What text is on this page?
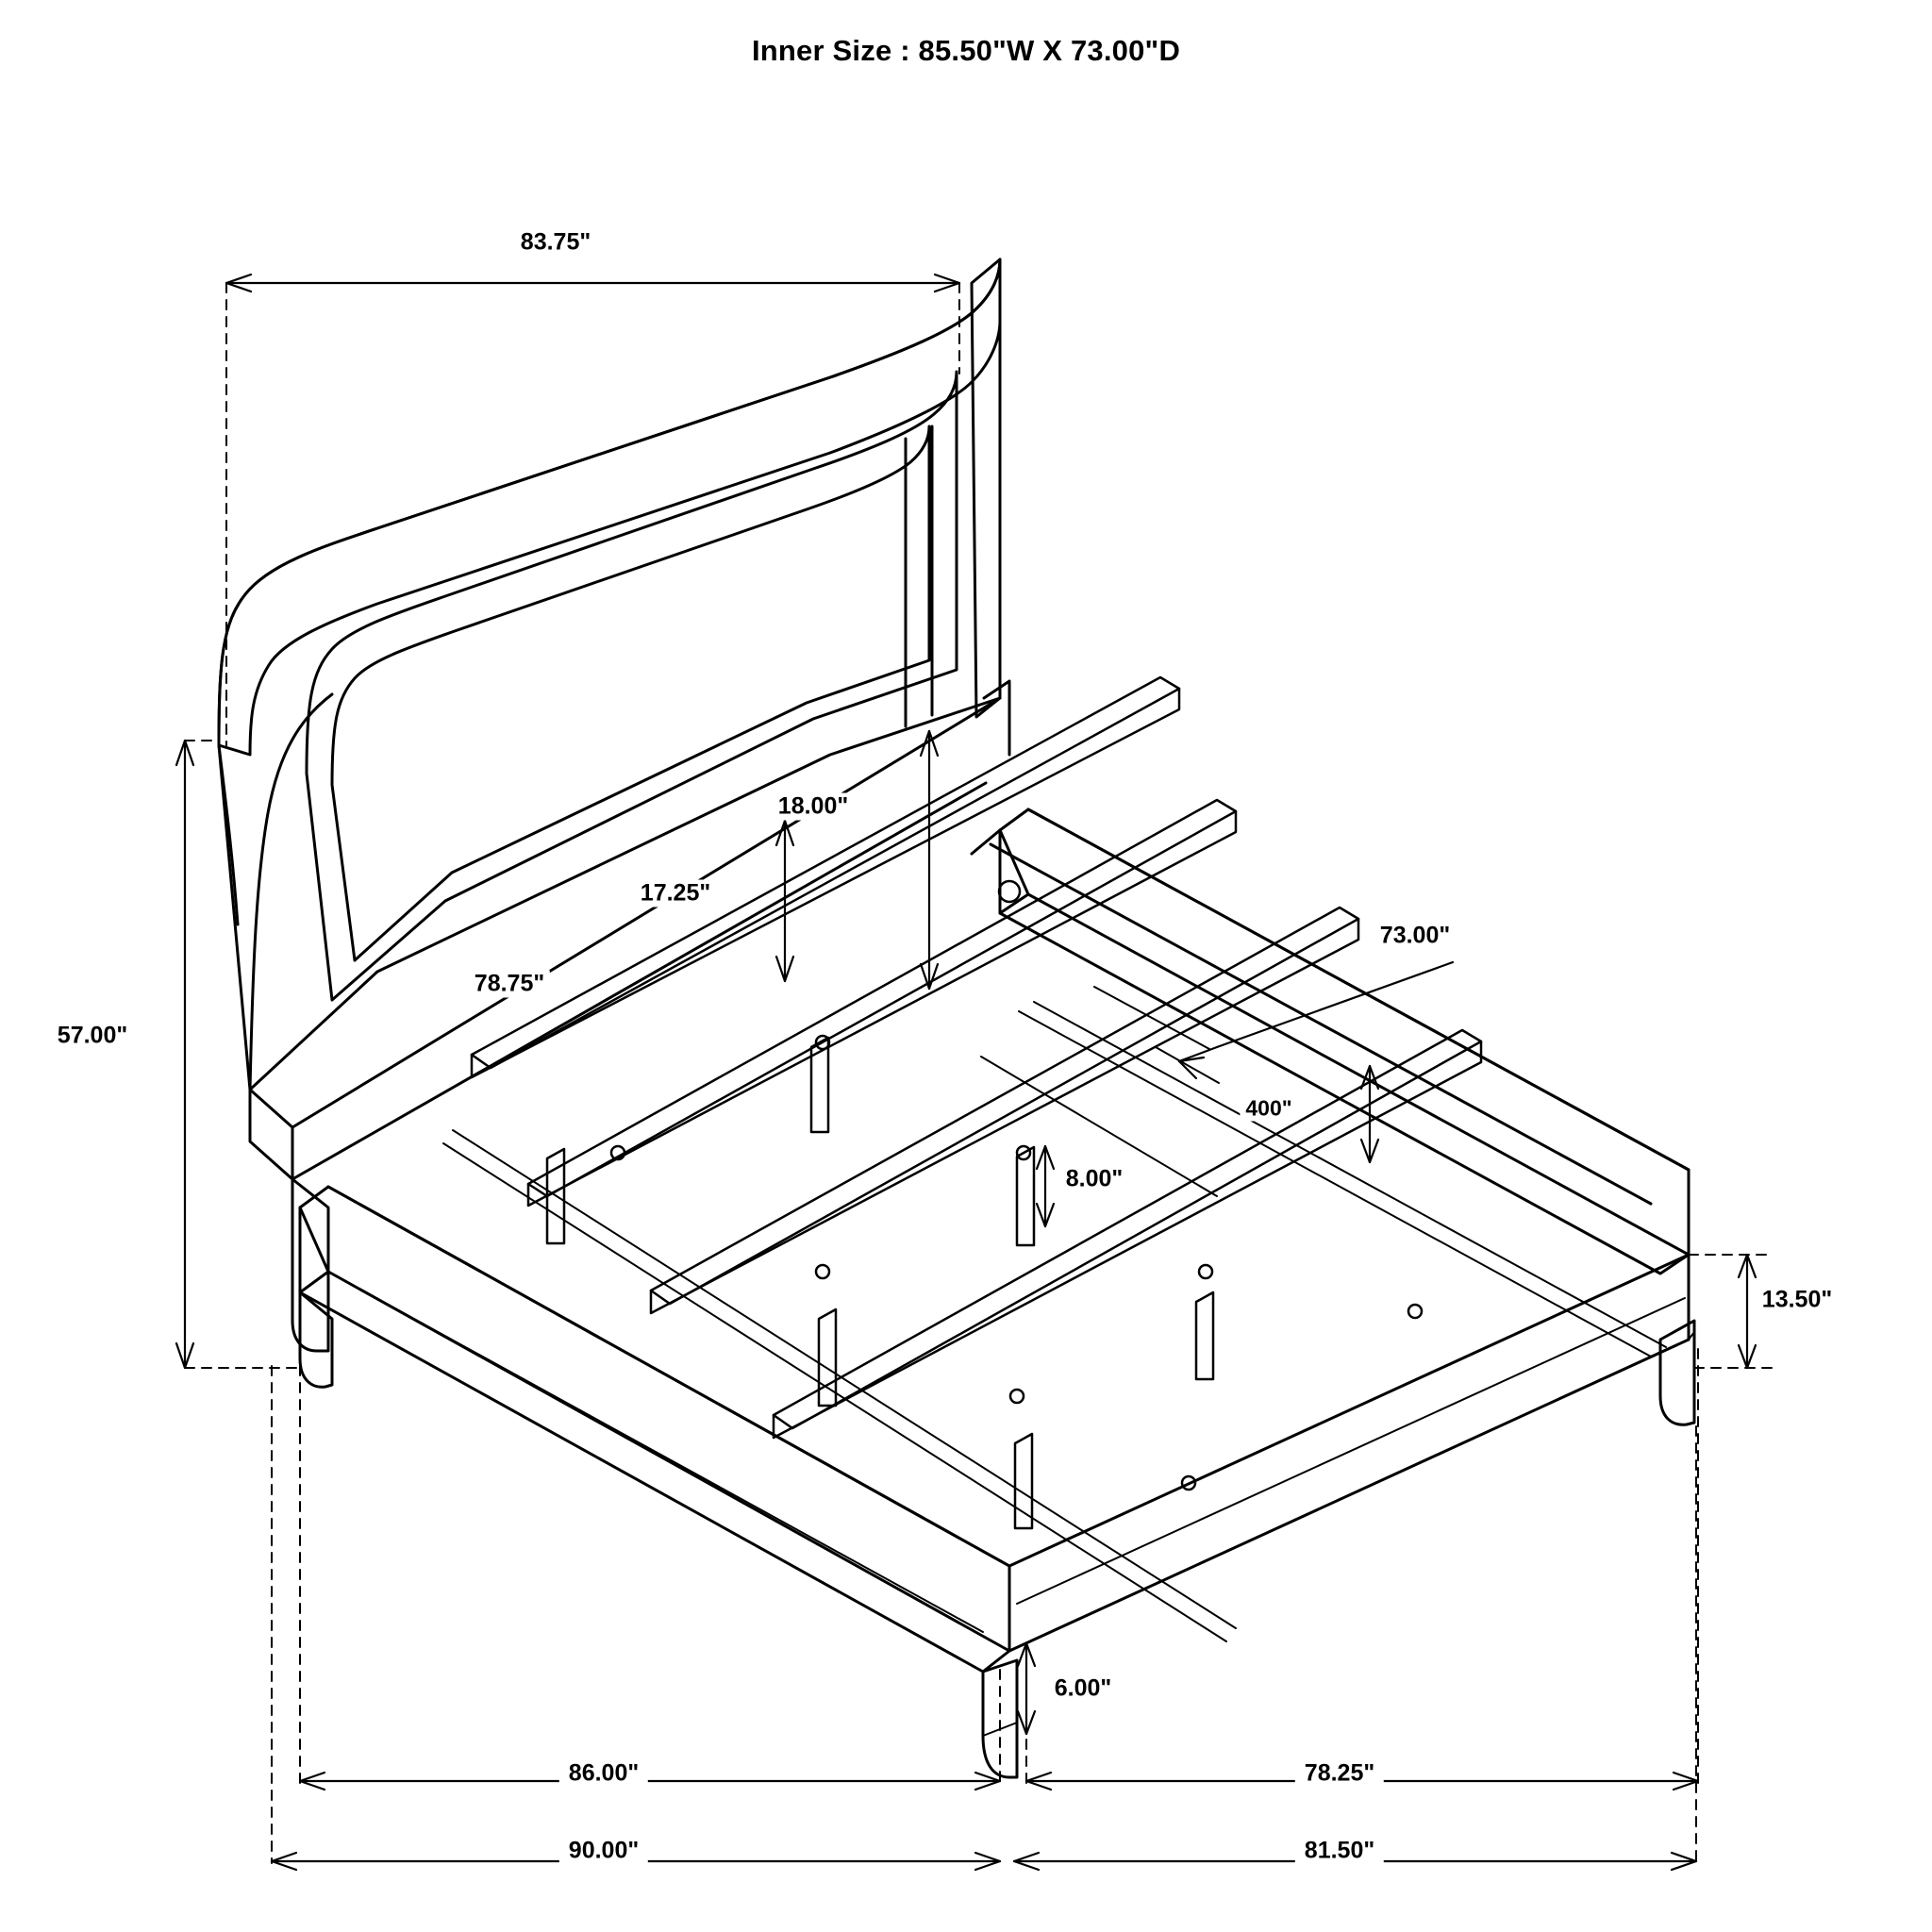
Inner Size : 85.50"W X 73.00"D
83.75"
57.00"
18.00"
17.25"
78.75"
73.00"
400"
8.00"
13.50"
6.00"
86.00"	78.25"
90.00"	81.50"
